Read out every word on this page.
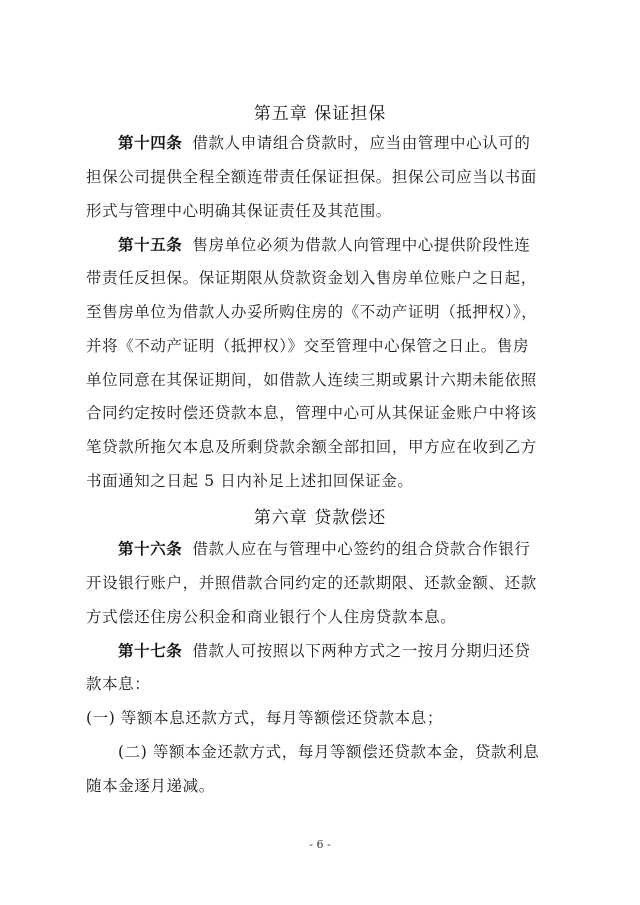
第五章 保证担保
第十四条 借款人申请组合贷款时，应当由管理中心认可的
担保公司提供全程全额连带责任保证担保。担保公司应当以书面
形式与管理中心明确其保证责任及其范围。
第十五条 售房单位必须为借款人向管理中心提供阶段性连
带责任反担保。保证期限从贷款资金划入售房单位账户之日起，
至售房单位为借款人办妥所购住房的《不动产证明（抵押权）》，
并将《不动产证明（抵押权）》交至管理中心保管之日止。售房
单位同意在其保证期间，如借款人连续三期或累计六期未能依照
合同约定按时偿还贷款本息，管理中心可从其保证金账户中将该
笔贷款所拖欠本息及所剩贷款余额全部扣回，甲方应在收到乙方
书面通知之日起 5 日内补足上述扣回保证金。
第六章 贷款偿还
第十六条 借款人应在与管理中心签约的组合贷款合作银行
开设银行账户，并照借款合同约定的还款期限、还款金额、还款
方式偿还住房公积金和商业银行个人住房贷款本息。
第十七条 借款人可按照以下两种方式之一按月分期归还贷
款本息：
(一) 等额本息还款方式，每月等额偿还贷款本息；
(二) 等额本金还款方式，每月等额偿还贷款本金，贷款利息
随本金逐月递减。
- 6 -
